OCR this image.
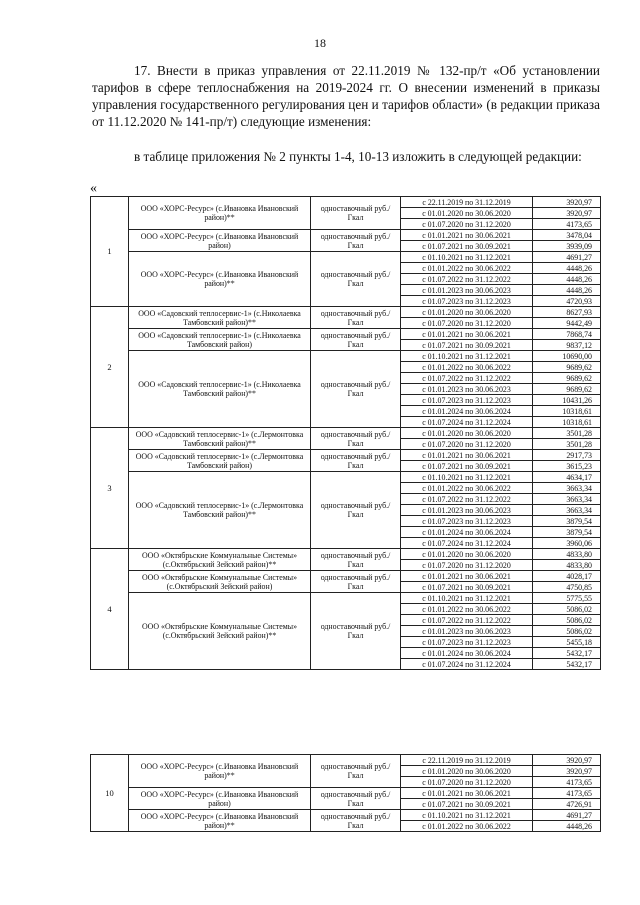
18

17. Внести в приказ управления от 22.11.2019 № 132-пр/т «Об установлении тарифов в сфере теплоснабжения на 2019-2024 гг. О внесении изменений в приказы управления государственного регулирования цен и тарифов области» (в редакции приказа от 11.12.2020 № 141-пр/т) следующие изменения:

в таблице приложения № 2 пункты 1-4, 10-13 изложить в следующей редакции:

«
1	ООО «ХОРС-Ресурс» (с.Ивановка Ивановский район)**	одноставочный руб./Гкал	с 22.11.2019 по 31.12.2019	3920,97
			с 01.01.2020 по 30.06.2020	3920,97
			с 01.07.2020 по 31.12.2020	4173,65
	ООО «ХОРС-Ресурс» (с.Ивановка Ивановский район)	одноставочный руб./Гкал	с 01.01.2021 по 30.06.2021	3478,04
			с 01.07.2021 по 30.09.2021	3939,09
	ООО «ХОРС-Ресурс» (с.Ивановка Ивановский район)**	одноставочный руб./Гкал	с 01.10.2021 по 31.12.2021	4691,27
			с 01.01.2022 по 30.06.2022	4448,26
			с 01.07.2022 по 31.12.2022	4448,26
			с 01.01.2023 по 30.06.2023	4448,26
			с 01.07.2023 по 31.12.2023	4720,93
2	ООО «Садовский теплосервис-1» (с.Николаевка Тамбовский район)**	одноставочный руб./Гкал	с 01.01.2020 по 30.06.2020	8627,93
			с 01.07.2020 по 31.12.2020	9442,49
	ООО «Садовский теплосервис-1» (с.Николаевка Тамбовский район)	одноставочный руб./Гкал	с 01.01.2021 по 30.06.2021	7868,74
			с 01.07.2021 по 30.09.2021	9837,12
	ООО «Садовский теплосервис-1» (с.Николаевка Тамбовский район)**	одноставочный руб./Гкал	с 01.10.2021 по 31.12.2021	10690,00
			с 01.01.2022 по 30.06.2022	9689,62
			с 01.07.2022 по 31.12.2022	9689,62
			с 01.01.2023 по 30.06.2023	9689,62
			с 01.07.2023 по 31.12.2023	10431,26
			с 01.01.2024 по 30.06.2024	10318,61
			с 01.07.2024 по 31.12.2024	10318,61
3	ООО «Садовский теплосервис-1» (с.Лермонтовка Тамбовский район)**	одноставочный руб./Гкал	с 01.01.2020 по 30.06.2020	3501,28
			с 01.07.2020 по 31.12.2020	3501,28
	ООО «Садовский теплосервис-1» (с.Лермонтовка Тамбовский район)	одноставочный руб./Гкал	с 01.01.2021 по 30.06.2021	2917,73
			с 01.07.2021 по 30.09.2021	3615,23
	ООО «Садовский теплосервис-1» (с.Лермонтовка Тамбовский район)**	одноставочный руб./Гкал	с 01.10.2021 по 31.12.2021	4634,17
			с 01.01.2022 по 30.06.2022	3663,34
			с 01.07.2022 по 31.12.2022	3663,34
			с 01.01.2023 по 30.06.2023	3663,34
			с 01.07.2023 по 31.12.2023	3879,54
			с 01.01.2024 по 30.06.2024	3879,54
			с 01.07.2024 по 31.12.2024	3960,06
4	ООО «Октябрьские Коммунальные Системы» (с.Октябрьский Зейский район)**	одноставочный руб./Гкал	с 01.01.2020 по 30.06.2020	4833,80
			с 01.07.2020 по 31.12.2020	4833,80
	ООО «Октябрьские Коммунальные Системы» (с.Октябрьский Зейский район)	одноставочный руб./Гкал	с 01.01.2021 по 30.06.2021	4028,17
			с 01.07.2021 по 30.09.2021	4750,85
	ООО «Октябрьские Коммунальные Системы» (с.Октябрьский Зейский район)**	одноставочный руб./Гкал	с 01.10.2021 по 31.12.2021	5775,55
			с 01.01.2022 по 30.06.2022	5086,02
			с 01.07.2022 по 31.12.2022	5086,02
			с 01.01.2023 по 30.06.2023	5086,02
			с 01.07.2023 по 31.12.2023	5455,18
			с 01.01.2024 по 30.06.2024	5432,17
			с 01.07.2024 по 31.12.2024	5432,17
10	ООО «ХОРС-Ресурс» (с.Ивановка Ивановский район)**	одноставочный руб./Гкал	с 22.11.2019 по 31.12.2019	3920,97
			с 01.01.2020 по 30.06.2020	3920,97
			с 01.07.2020 по 31.12.2020	4173,65
	ООО «ХОРС-Ресурс» (с.Ивановка Ивановский район)	одноставочный руб./Гкал	с 01.01.2021 по 30.06.2021	4173,65
			с 01.07.2021 по 30.09.2021	4726,91
	ООО «ХОРС-Ресурс» (с.Ивановка Ивановский район)**	одноставочный руб./Гкал	с 01.10.2021 по 31.12.2021	4691,27
			с 01.01.2022 по 30.06.2022	4448,26
